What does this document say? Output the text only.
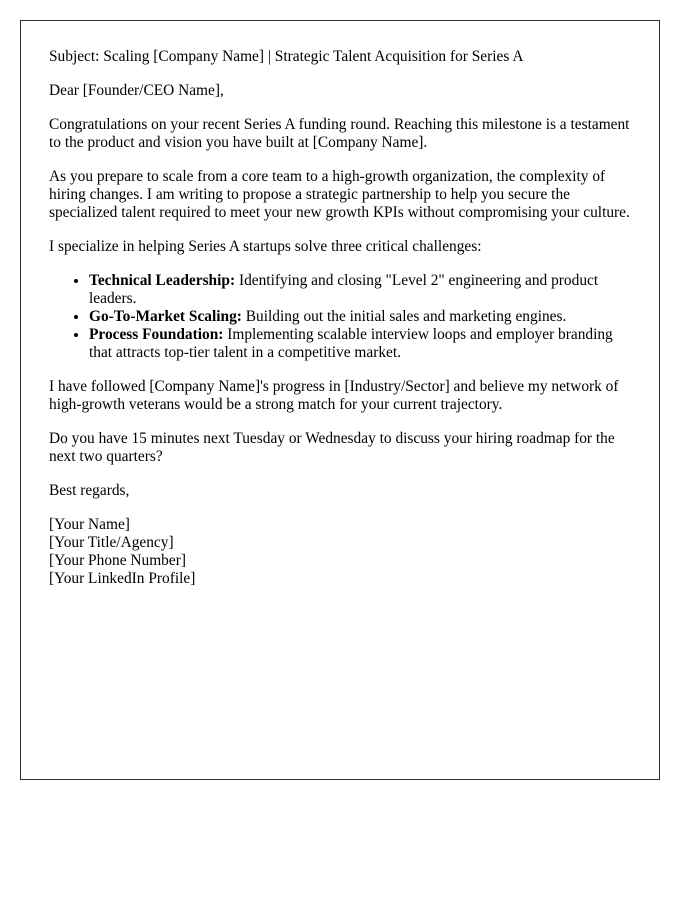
Subject: Scaling [Company Name] | Strategic Talent Acquisition for Series A

Dear [Founder/CEO Name],

Congratulations on your recent Series A funding round. Reaching this milestone is a testament to the product and vision you have built at [Company Name].

As you prepare to scale from a core team to a high-growth organization, the complexity of hiring changes. I am writing to propose a strategic partnership to help you secure the specialized talent required to meet your new growth KPIs without compromising your culture.

I specialize in helping Series A startups solve three critical challenges:

• Technical Leadership: Identifying and closing "Level 2" engineering and product leaders.
• Go-To-Market Scaling: Building out the initial sales and marketing engines.
• Process Foundation: Implementing scalable interview loops and employer branding that attracts top-tier talent in a competitive market.

I have followed [Company Name]'s progress in [Industry/Sector] and believe my network of high-growth veterans would be a strong match for your current trajectory.

Do you have 15 minutes next Tuesday or Wednesday to discuss your hiring roadmap for the next two quarters?

Best regards,

[Your Name]
[Your Title/Agency]
[Your Phone Number]
[Your LinkedIn Profile]
